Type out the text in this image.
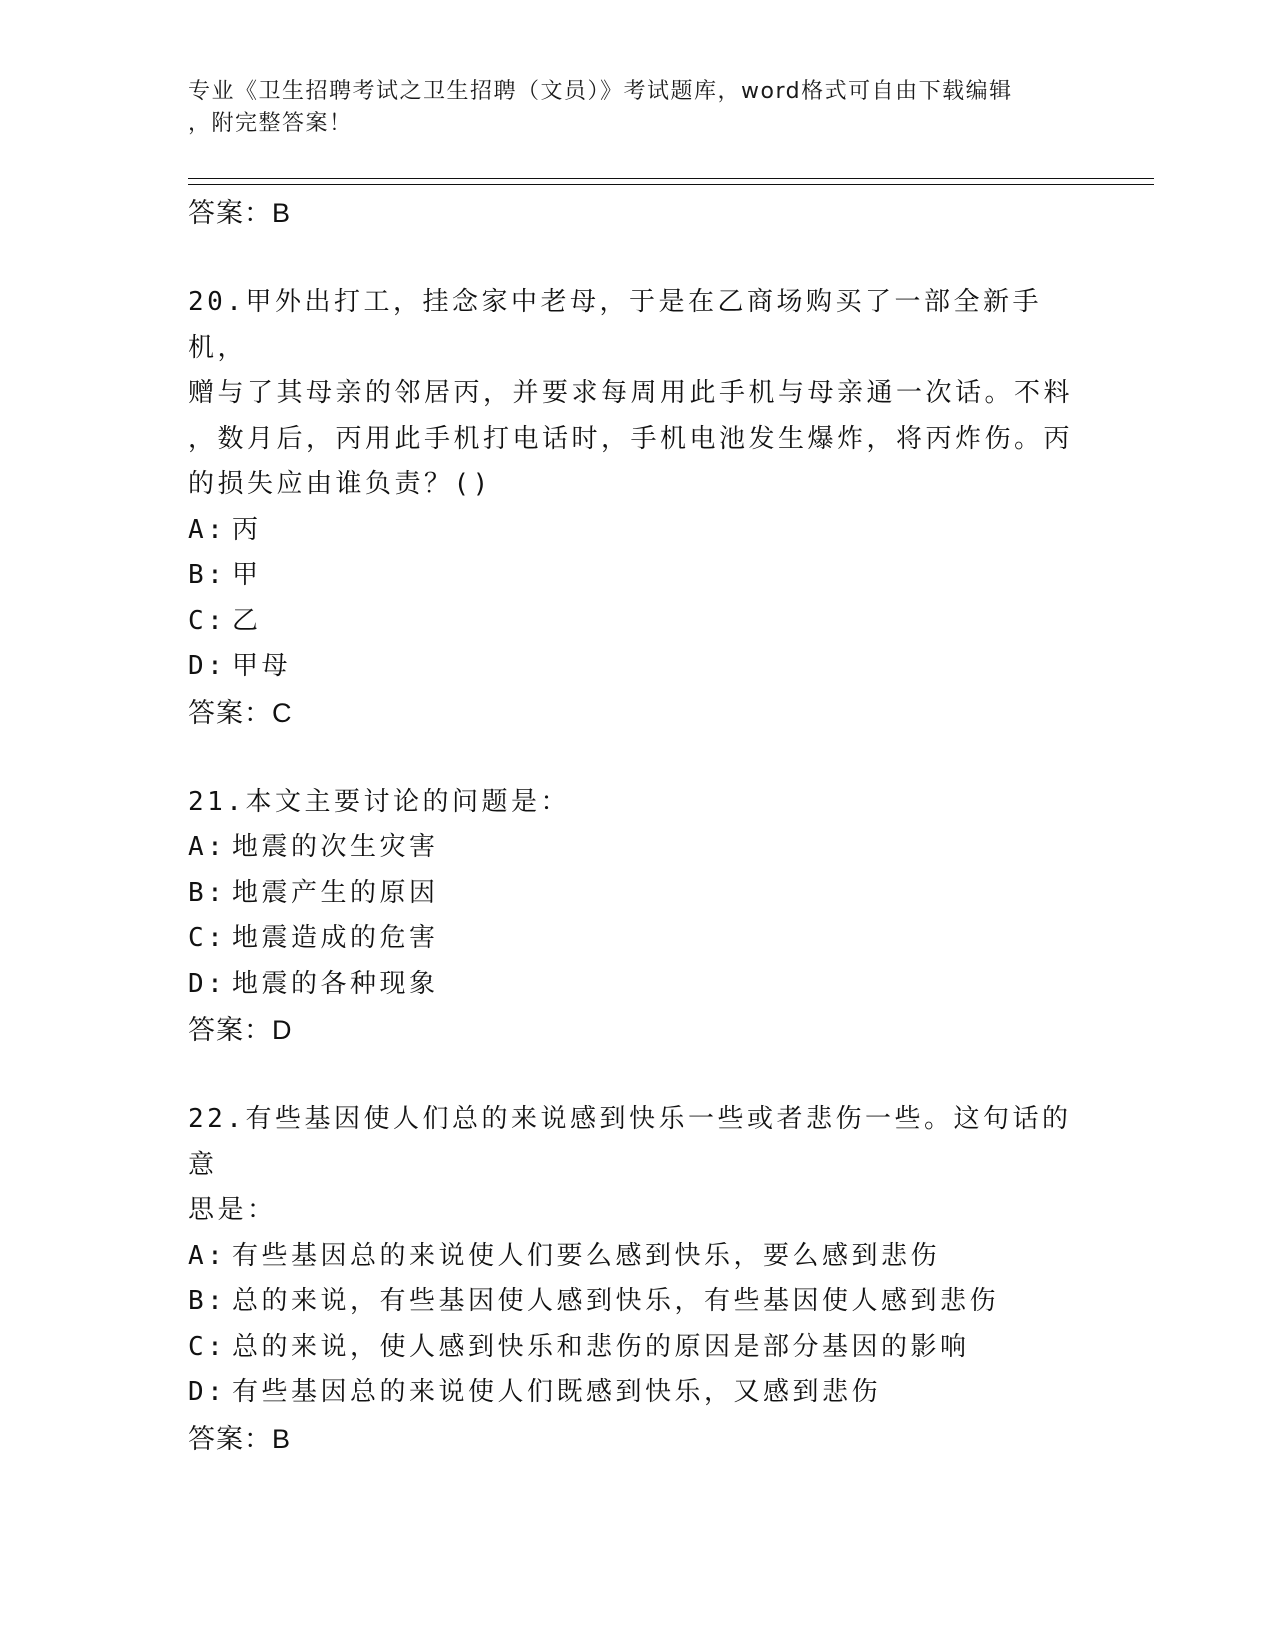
专业《卫生招聘考试之卫生招聘（文员）》考试题库，word格式可自由下载编辑
，附完整答案！
答案：B
20.甲外出打工，挂念家中老母，于是在乙商场购买了一部全新手机，
赠与了其母亲的邻居丙，并要求每周用此手机与母亲通一次话。不料
，数月后，丙用此手机打电话时，手机电池发生爆炸，将丙炸伤。丙
的损失应由谁负责？()
A: 丙
B: 甲
C: 乙
D: 甲母
答案：C
21.本文主要讨论的问题是：
A: 地震的次生灾害
B: 地震产生的原因
C: 地震造成的危害
D: 地震的各种现象
答案：D
22.有些基因使人们总的来说感到快乐一些或者悲伤一些。这句话的意
思是：
A: 有些基因总的来说使人们要么感到快乐，要么感到悲伤
B: 总的来说，有些基因使人感到快乐，有些基因使人感到悲伤
C: 总的来说，使人感到快乐和悲伤的原因是部分基因的影响
D: 有些基因总的来说使人们既感到快乐，又感到悲伤
答案：B
